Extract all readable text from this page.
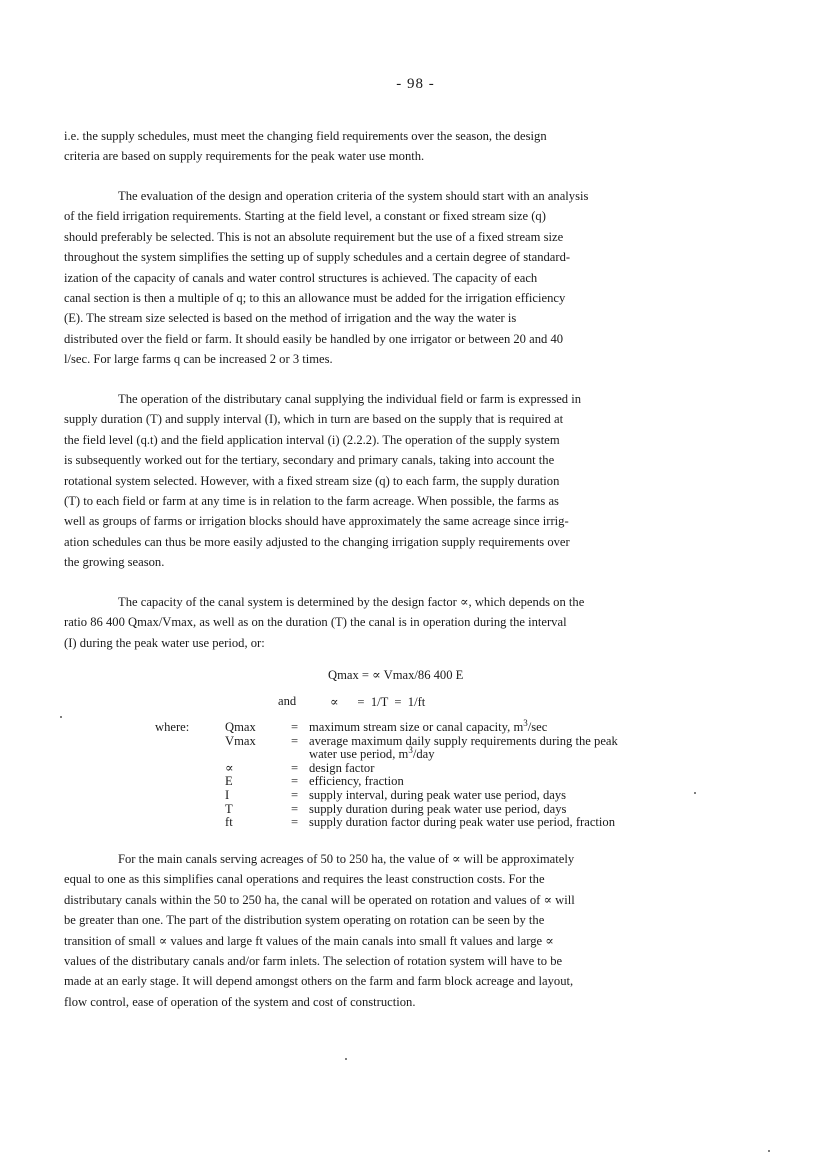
- 98 -
i.e. the supply schedules, must meet the changing field requirements over the season, the design
criteria are based on supply requirements for the peak water use month.
The evaluation of the design and operation criteria of the system should start with an analysis
of the field irrigation requirements. Starting at the field level, a constant or fixed stream size (q)
should preferably be selected. This is not an absolute requirement but the use of a fixed stream size
throughout the system simplifies the setting up of supply schedules and a certain degree of standard-
ization of the capacity of canals and water control structures is achieved. The capacity of each
canal section is then a multiple of q; to this an allowance must be added for the irrigation efficiency
(E). The stream size selected is based on the method of irrigation and the way the water is
distributed over the field or farm. It should easily be handled by one irrigator or between 20 and 40
l/sec. For large farms q can be increased 2 or 3 times.
The operation of the distributary canal supplying the individual field or farm is expressed in
supply duration (T) and supply interval (I), which in turn are based on the supply that is required at
the field level (q.t) and the field application interval (i) (2.2.2). The operation of the supply system
is subsequently worked out for the tertiary, secondary and primary canals, taking into account the
rotational system selected. However, with a fixed stream size (q) to each farm, the supply duration
(T) to each field or farm at any time is in relation to the farm acreage. When possible, the farms as
well as groups of farms or irrigation blocks should have approximately the same acreage since irrig-
ation schedules can thus be more easily adjusted to the changing irrigation supply requirements over
the growing season.
The capacity of the canal system is determined by the design factor ∝, which depends on the
ratio 86 400 Qmax/Vmax, as well as on the duration (T) the canal is in operation during the interval
(I) during the peak water use period, or:
Qmax = ∝ Vmax/86 400 E
and	∝      =  1/T  =  1/ft
where:	Qmax	=	maximum stream size or canal capacity, $m^3/\sec$
	Vmax	=	average maximum daily supply requirements during the peak
			water use period, $m^3$/day
	∝	=	design factor
	E	=	efficiency, fraction
	I	=	supply interval, during peak water use period, days
	T	=	supply duration during peak water use period, days
	ft	=	supply duration factor during peak water use period, fraction
For the main canals serving acreages of 50 to 250 ha, the value of ∝ will be approximately
equal to one as this simplifies canal operations and requires the least construction costs. For the
distributary canals within the 50 to 250 ha, the canal will be operated on rotation and values of ∝ will
be greater than one. The part of the distribution system operating on rotation can be seen by the
transition of small ∝ values and large ft values of the main canals into small ft values and large ∝
values of the distributary canals and/or farm inlets. The selection of rotation system will have to be
made at an early stage. It will depend amongst others on the farm and farm block acreage and layout,
flow control, ease of operation of the system and cost of construction.
